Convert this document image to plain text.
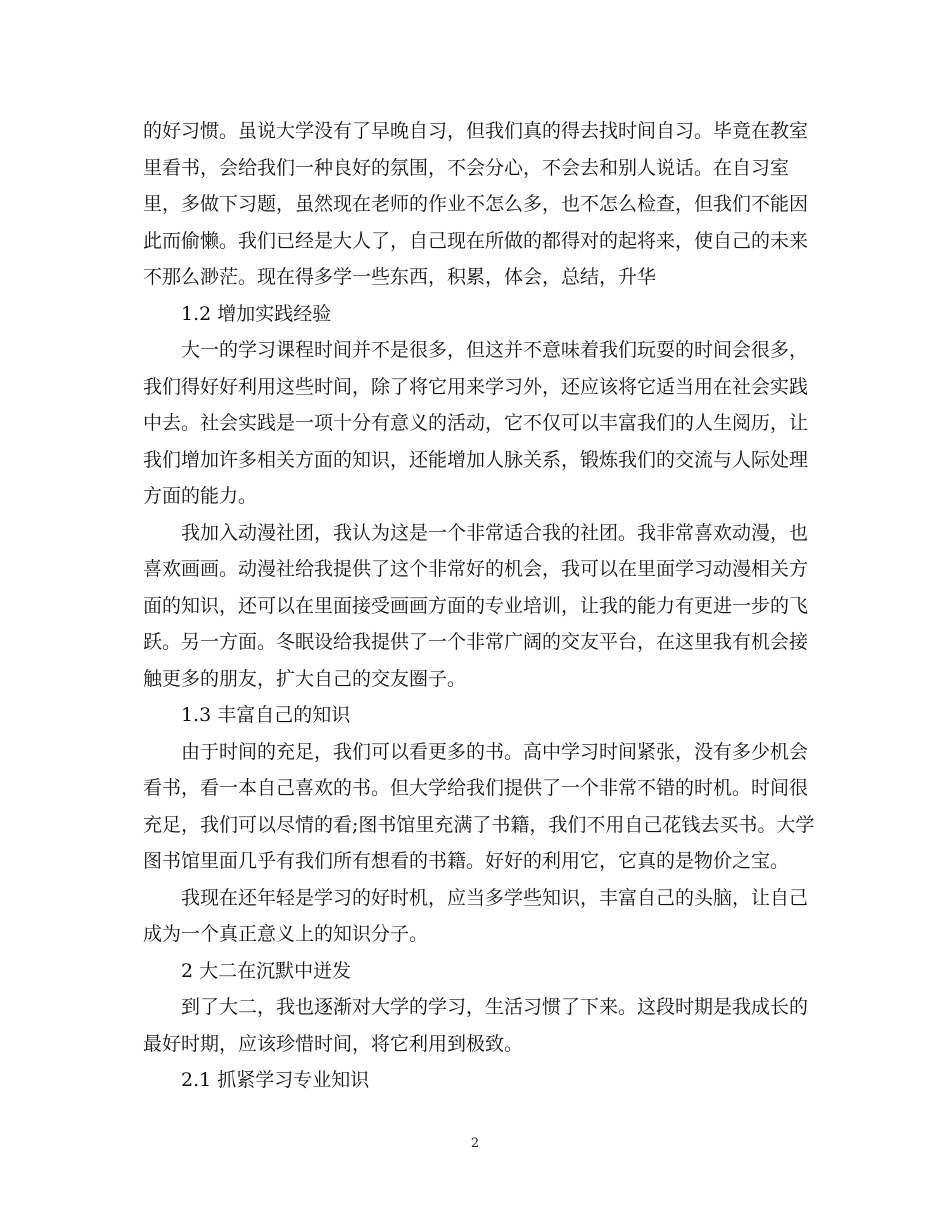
的好习惯。虽说大学没有了早晚自习，但我们真的得去找时间自习。毕竟在教室
里看书，会给我们一种良好的氛围，不会分心，不会去和别人说话。在自习室
里，多做下习题，虽然现在老师的作业不怎么多，也不怎么检查，但我们不能因
此而偷懒。我们已经是大人了，自己现在所做的都得对的起将来，使自己的未来
不那么渺茫。现在得多学一些东西，积累，体会，总结，升华
1.2 增加实践经验
大一的学习课程时间并不是很多，但这并不意味着我们玩耍的时间会很多，
我们得好好利用这些时间，除了将它用来学习外，还应该将它适当用在社会实践
中去。社会实践是一项十分有意义的活动，它不仅可以丰富我们的人生阅历，让
我们增加许多相关方面的知识，还能增加人脉关系，锻炼我们的交流与人际处理
方面的能力。
我加入动漫社团，我认为这是一个非常适合我的社团。我非常喜欢动漫，也
喜欢画画。动漫社给我提供了这个非常好的机会，我可以在里面学习动漫相关方
面的知识，还可以在里面接受画画方面的专业培训，让我的能力有更进一步的飞
跃。另一方面。冬眠设给我提供了一个非常广阔的交友平台，在这里我有机会接
触更多的朋友，扩大自己的交友圈子。
1.3 丰富自己的知识
由于时间的充足，我们可以看更多的书。高中学习时间紧张，没有多少机会
看书，看一本自己喜欢的书。但大学给我们提供了一个非常不错的时机。时间很
充足，我们可以尽情的看;图书馆里充满了书籍，我们不用自己花钱去买书。大学
图书馆里面几乎有我们所有想看的书籍。好好的利用它，它真的是物价之宝。
我现在还年轻是学习的好时机，应当多学些知识，丰富自己的头脑，让自己
成为一个真正意义上的知识分子。
2 大二在沉默中迸发
到了大二，我也逐渐对大学的学习，生活习惯了下来。这段时期是我成长的
最好时期，应该珍惜时间，将它利用到极致。
2.1 抓紧学习专业知识
2
